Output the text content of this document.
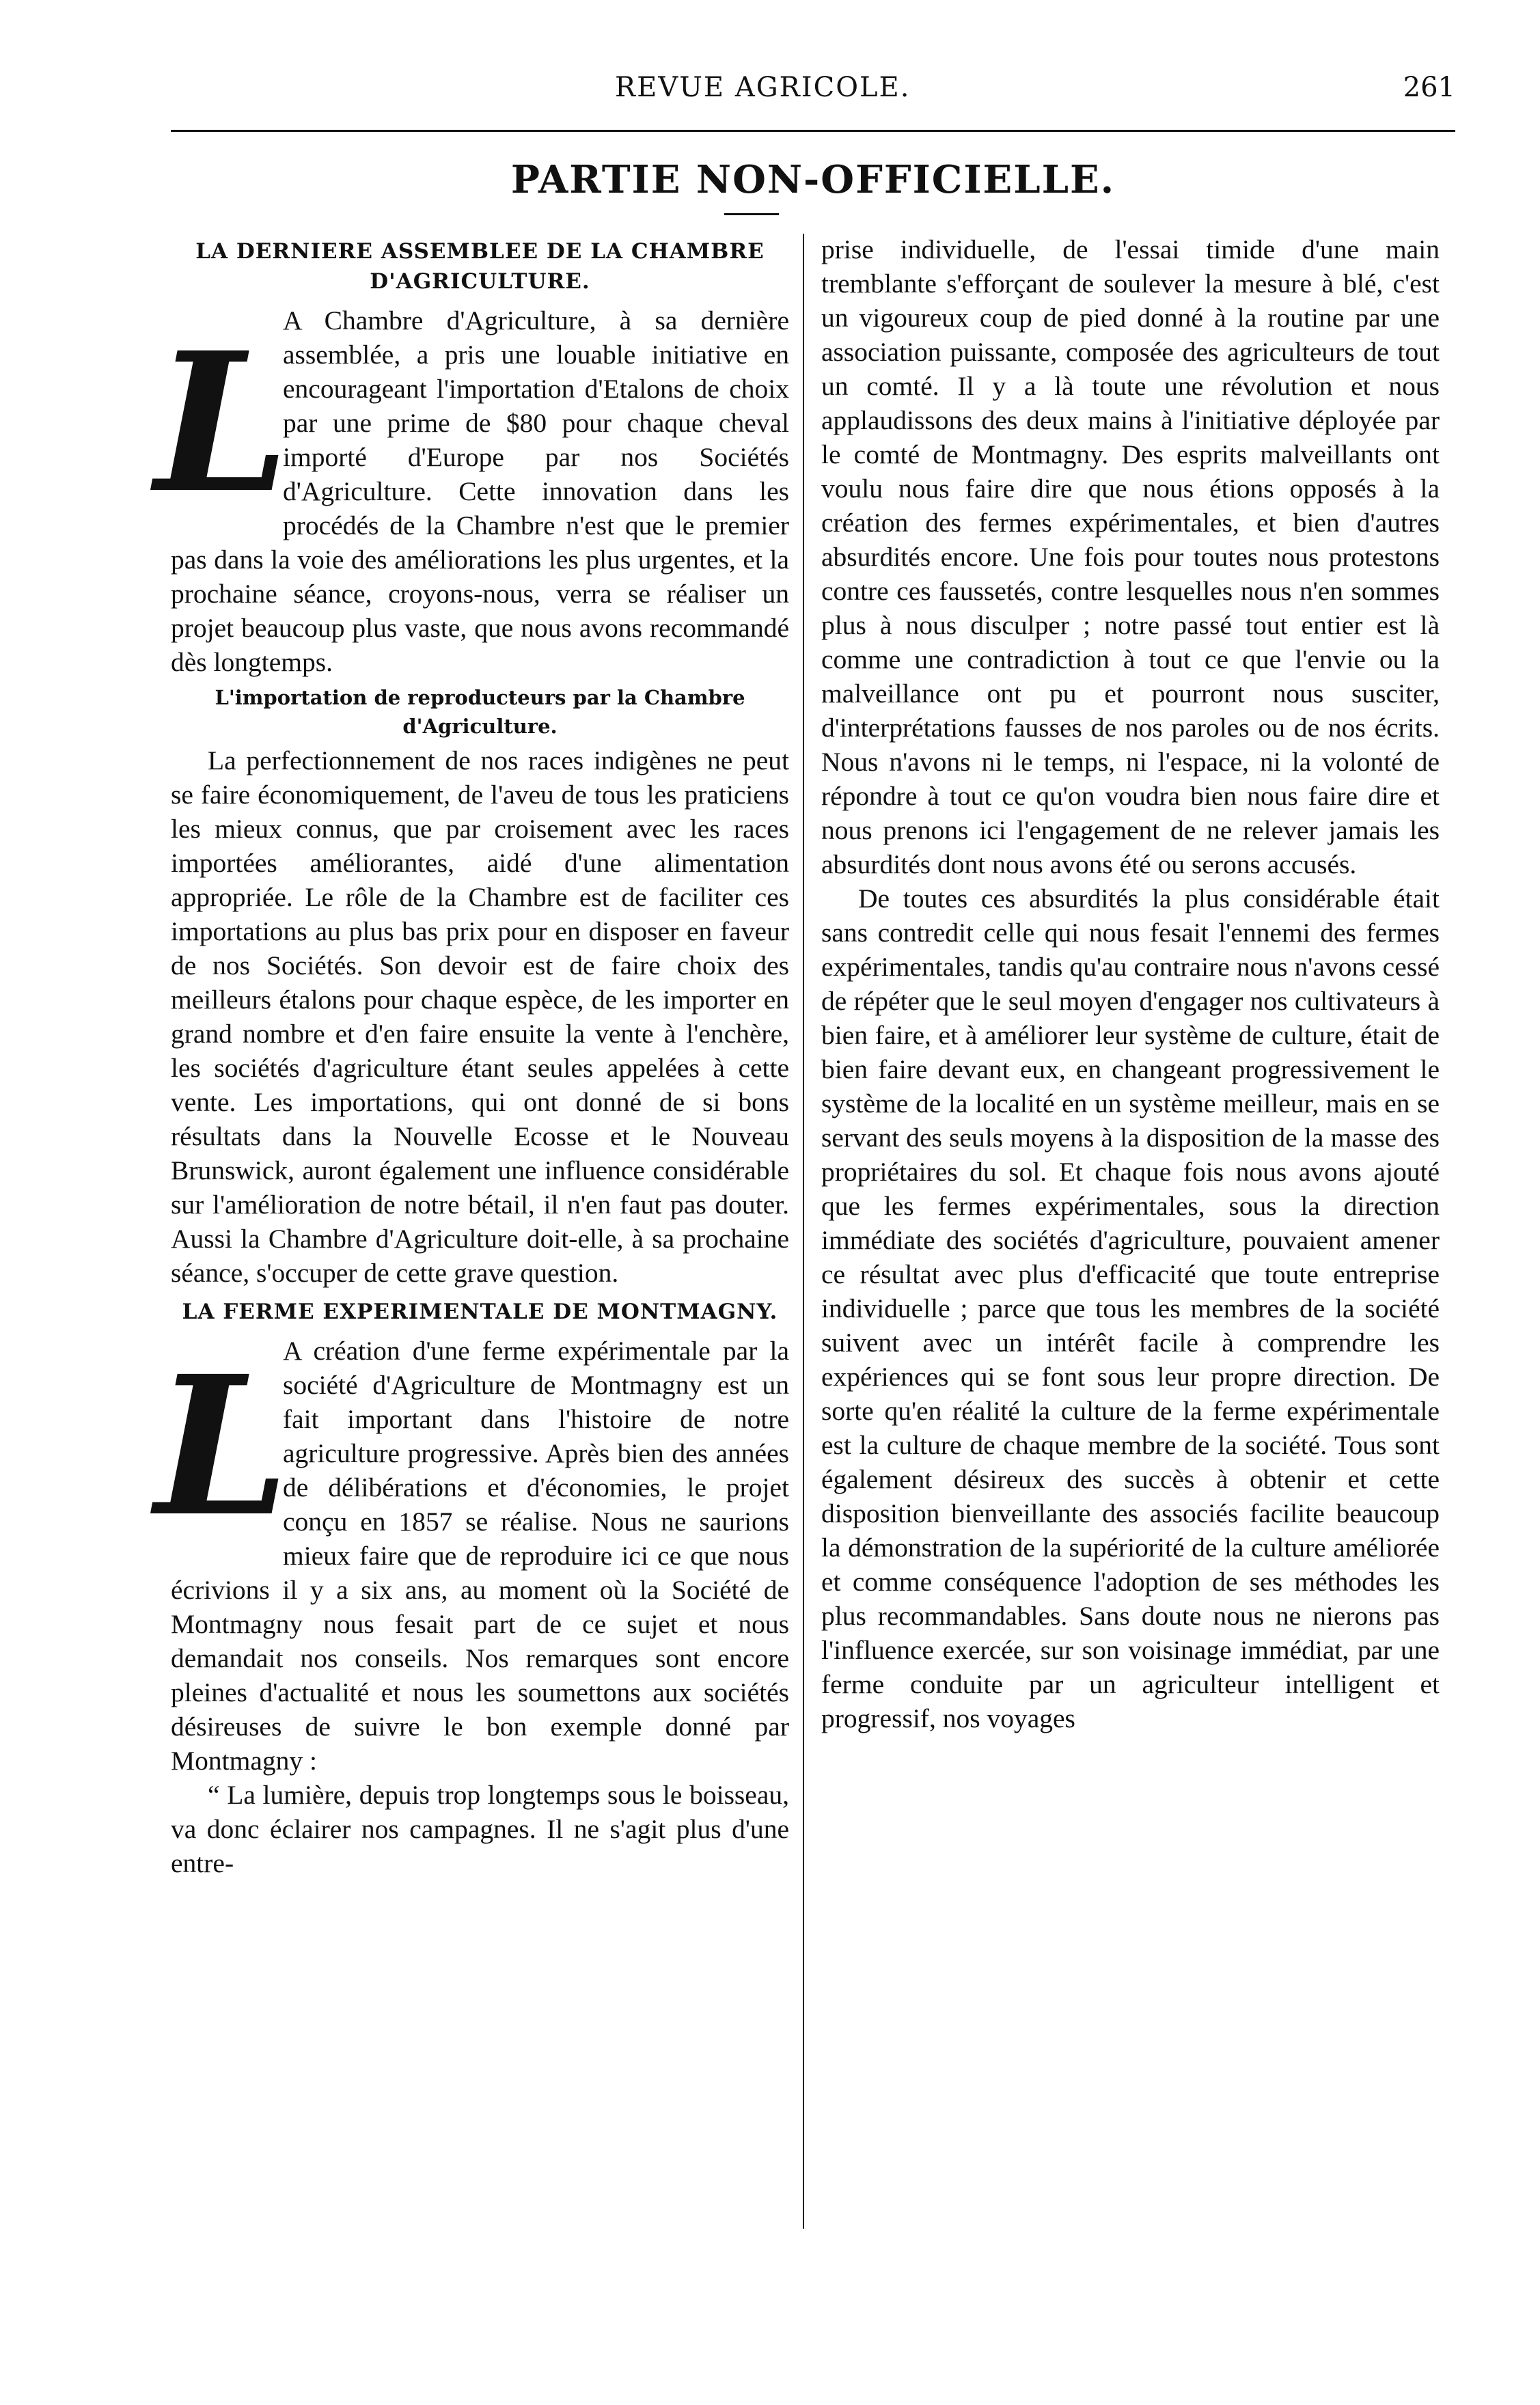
REVUE AGRICOLE.	261
PARTIE NON-OFFICIELLE.
LA DERNIERE ASSEMBLEE DE LA CHAMBRE D'AGRICULTURE.

L
A Chambre d'Agriculture, à sa dernière assemblée, a pris une louable initiative en encourageant l'importation d'Etalons de choix par une prime de $80 pour chaque cheval importé d'Europe par nos Sociétés d'Agriculture. Cette innovation dans les procédés de la Chambre n'est que le premier pas dans la voie des améliorations les plus urgentes, et la prochaine séance, croyons-nous, verra se réaliser un projet beaucoup plus vaste, que nous avons recommandé dès longtemps.

L'importation de reproducteurs par la Chambre d'Agriculture.

La perfectionnement de nos races indigènes ne peut se faire économiquement, de l'aveu de tous les praticiens les mieux connus, que par croisement avec les races importées améliorantes, aidé d'une alimentation appropriée. Le rôle de la Chambre est de faciliter ces importations au plus bas prix pour en disposer en faveur de nos Sociétés. Son devoir est de faire choix des meilleurs étalons pour chaque espèce, de les importer en grand nombre et d'en faire ensuite la vente à l'enchère, les sociétés d'agriculture étant seules appelées à cette vente. Les importations, qui ont donné de si bons résultats dans la Nouvelle Ecosse et le Nouveau Brunswick, auront également une influence considérable sur l'amélioration de notre bétail, il n'en faut pas douter. Aussi la Chambre d'Agriculture doit-elle, à sa prochaine séance, s'occuper de cette grave question.

LA FERME EXPERIMENTALE DE MONTMAGNY.

L
A création d'une ferme expérimentale par la société d'Agriculture de Montmagny est un fait important dans l'histoire de notre agriculture progressive. Après bien des années de délibérations et d'économies, le projet conçu en 1857 se réalise. Nous ne saurions mieux faire que de reproduire ici ce que nous écrivions il y a six ans, au moment où la Société de Montmagny nous fesait part de ce sujet et nous demandait nos conseils. Nos remarques sont encore pleines d'actualité et nous les soumettons aux sociétés désireuses de suivre le bon exemple donné par Montmagny :

“ La lumière, depuis trop longtemps sous le boisseau, va donc éclairer nos campagnes. Il ne s'agit plus d'une entre-

prise individuelle, de l'essai timide d'une main tremblante s'efforçant de soulever la mesure à blé, c'est un vigoureux coup de pied donné à la routine par une association puissante, composée des agriculteurs de tout un comté. Il y a là toute une révolution et nous applaudissons des deux mains à l'initiative déployée par le comté de Montmagny. Des esprits malveillants ont voulu nous faire dire que nous étions opposés à la création des fermes expérimentales, et bien d'autres absurdités encore. Une fois pour toutes nous protestons contre ces faussetés, contre lesquelles nous n'en sommes plus à nous disculper ; notre passé tout entier est là comme une contradiction à tout ce que l'envie ou la malveillance ont pu et pourront nous susciter, d'interprétations fausses de nos paroles ou de nos écrits. Nous n'avons ni le temps, ni l'espace, ni la volonté de répondre à tout ce qu'on voudra bien nous faire dire et nous prenons ici l'engagement de ne relever jamais les absurdités dont nous avons été ou serons accusés.

De toutes ces absurdités la plus considérable était sans contredit celle qui nous fesait l'ennemi des fermes expérimentales, tandis qu'au contraire nous n'avons cessé de répéter que le seul moyen d'engager nos cultivateurs à bien faire, et à améliorer leur système de culture, était de bien faire devant eux, en changeant progressivement le système de la localité en un système meilleur, mais en se servant des seuls moyens à la disposition de la masse des propriétaires du sol. Et chaque fois nous avons ajouté que les fermes expérimentales, sous la direction immédiate des sociétés d'agriculture, pouvaient amener ce résultat avec plus d'efficacité que toute entreprise individuelle ; parce que tous les membres de la société suivent avec un intérêt facile à comprendre les expériences qui se font sous leur propre direction. De sorte qu'en réalité la culture de la ferme expérimentale est la culture de chaque membre de la société. Tous sont également désireux des succès à obtenir et cette disposition bienveillante des associés facilite beaucoup la démonstration de la supériorité de la culture améliorée et comme conséquence l'adoption de ses méthodes les plus recommandables. Sans doute nous ne nierons pas l'influence exercée, sur son voisinage immédiat, par une ferme conduite par un agriculteur intelligent et progressif, nos voyages
